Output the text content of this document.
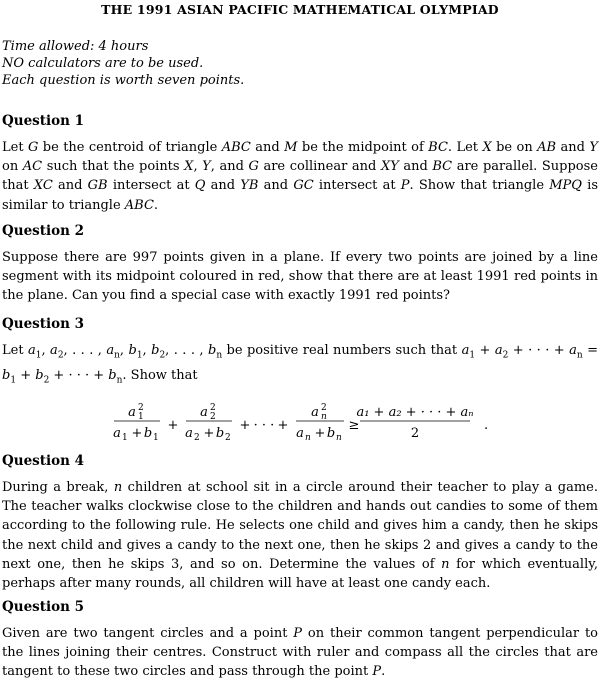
THE 1991 ASIAN PACIFIC MATHEMATICAL OLYMPIAD

Time allowed: 4 hours

NO calculators are to be used.

Each question is worth seven points.

Question 1

Let G be the centroid of triangle ABC and M be the midpoint of BC. Let X be on AB and Y on AC such that the points X, Y, and G are collinear and XY and BC are parallel. Suppose that XC and GB intersect at Q and YB and GC intersect at P. Show that triangle MPQ is similar to triangle ABC.

Question 2

Suppose there are 997 points given in a plane. If every two points are joined by a line segment with its midpoint coloured in red, show that there are at least 1991 red points in the plane. Can you find a special case with exactly 1991 red points?

Question 3

Let $a_1$, $a_2$, . . . , $a_n$, $b_1$, $b_2$, . . . , $b_n$ be positive real numbers such that $a_1 + a_2$ + · · · + $a_n = b_1 + b_2$ + · · · + $b_n$. Show that

a 2
1
a 1 + b 1
+
a 2
2
a 2 + b 2
+ · · · +
a 2
n
a n + b n
≥
a₁ + a₂ + · · · + aₙ
2
.
Question 4

During a break, n children at school sit in a circle around their teacher to play a game. The teacher walks clockwise close to the children and hands out candies to some of them according to the following rule. He selects one child and gives him a candy, then he skips the next child and gives a candy to the next one, then he skips 2 and gives a candy to the next one, then he skips 3, and so on. Determine the values of n for which eventually, perhaps after many rounds, all children will have at least one candy each.

Question 5

Given are two tangent circles and a point P on their common tangent perpendicular to the lines joining their centres. Construct with ruler and compass all the circles that are tangent to these two circles and pass through the point P.
